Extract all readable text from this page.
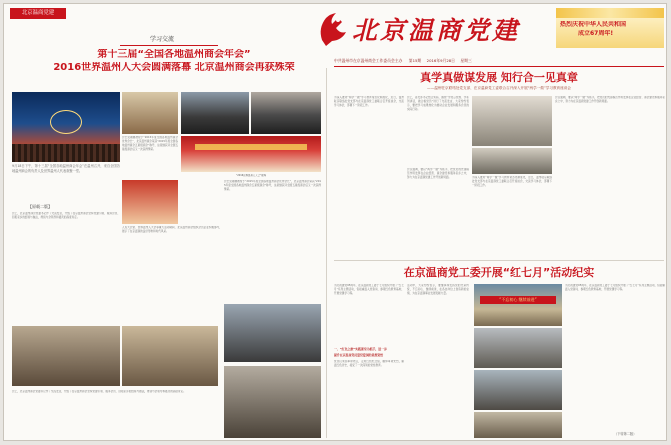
北京温商党建
学习交流	北京温商党建	热烈庆祝中华人民共和国
成立67周年!
中共温州市在京温州商会工作委员会主办 第15期 2016年9月28日 星期三
第十三届“全国各地温州商会年会”
2016世界温州人大会圆满落幕 北京温州商会再获殊荣
9月18日下午，第十三届“全国各地温州商会年会”在温州召开，来自全国各地温州商会的负责人及世界温州人代表欢聚一堂。
【原载二版】
会上，北京温州商会党委书记作了交流发言，介绍了在京温州商会坚持党建引领、服务会员、回报家乡的经验与做法，得到与会领导和嘉宾的高度肯定。
会长吴素卿被授予“2015年度全国各地温州商会优秀会长”，北京温州商会荣获“2015年度全国各地温州商会五星级商会”称号，这是继获评全国五星级商会后又一次获得殊荣。
“2016世界温州人大会”现场
人民大会堂、世界温州人大会等重大活动期间，北京温州商会组织会员企业积极参与，展示了在京温商的良好形象和时代风采。
会长吴素卿被授予“2015年度全国各地温州商会优秀会长”，北京温州商会荣获“2015年度全国各地温州商会五星级商会”称号，这是继获评全国五星级商会后又一次获得殊荣。
会上，北京温州商会党委书记作了交流发言，介绍了在京温州商会坚持党建引领、服务会员、回报家乡的经验与做法，得到与会领导和嘉宾的高度肯定。
真学真做谋发展 知行合一见真章
——温州驻京联络处党支部、在京温商党工委联合召开深入开展“两学一做”学习教育座谈会
为深入推进“两学一做”学习教育常态化制度化，近日，温州驻京联络处党支部与在京温商党工委联合召开座谈会，交流学习体会，部署下一阶段工作。
会上，各支部书记结合实际，围绕“学党章党规、学系列讲话，做合格党员”进行了交流发言，大家纷纷表示，要把学习成果转化为推动企业发展和服务会员的实际行动。
会议强调，要以“两学一做”为抓手，把党员的先锋模范作用发挥在企业经营、商会建设和服务家乡之中，努力为在京温商党建工作开创新局面。
会议强调，要以“两学一做”为抓手，把党员的先锋模范作用发挥在企业经营、商会建设和服务家乡之中，努力为在京温商党建工作开创新局面。	为深入推进“两学一做”学习教育常态化制度化，近日，温州驻京联络处党支部与在京温商党工委联合召开座谈会，交流学习体会，部署下一阶段工作。
在京温商党工委开展“红七月”活动纪实
为庆祝建党95周年，在京温商党工委于七月组织开展了“红七月”系列主题活动，包括重温入党誓词、参观红色教育基地、开展党课学习等。
一、“红色之旅”实践课堂为抓手，进一步
提升在京温商党员爱党爱国的思想觉悟
党员们来到革命老区，走进红色纪念馆，瞻仰革命先烈，重温红色历史，接受了一次深刻的党性教育。
活动中，大家纷纷表示，要继承和发扬党的光荣传统，不忘初心、继续前进，在各自岗位上创造新的业绩，为在京温商事业发展贡献力量。
“不忘初心 继续前进”
为庆祝建党95周年，在京温商党工委于七月组织开展了“红七月”系列主题活动，包括重温入党誓词、参观红色教育基地、开展党课学习等。
（下转第二版）
